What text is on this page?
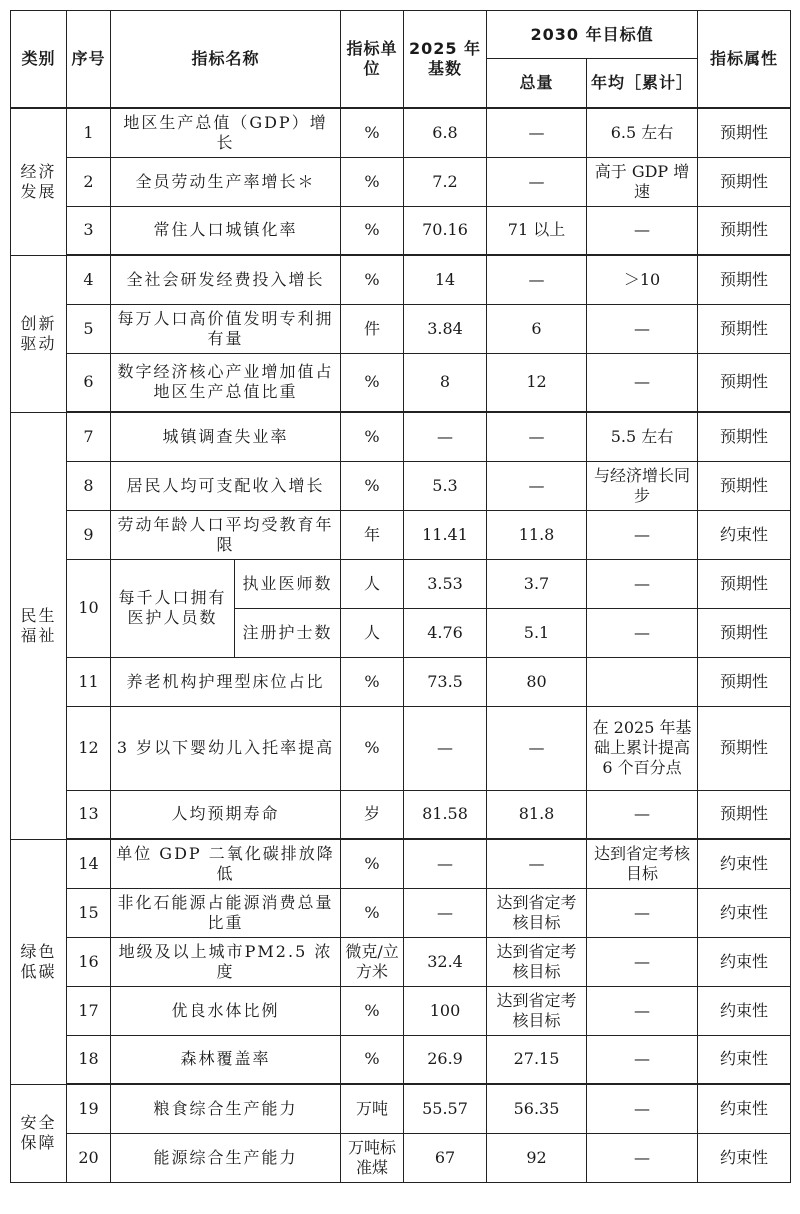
类别	序号	指标名称		指标单位	2025 年基数	2030 年目标值		指标属性
						总量	年均［累计］	
经济发展	1	地区生产总值（GDP）增长		%	6.8	—	6.5 左右	预期性
	2	全员劳动生产率增长＊		%	7.2	—	高于 GDP 增速	预期性
	3	常住人口城镇化率		%	70.16	71 以上	—	预期性
创新驱动	4	全社会研发经费投入增长		%	14	—	＞10	预期性
	5	每万人口高价值发明专利拥有量		件	3.84	6	—	预期性
	6	数字经济核心产业增加值占地区生产总值比重		%	8	12	—	预期性
民生福祉	7	城镇调查失业率		%	—	—	5.5 左右	预期性
	8	居民人均可支配收入增长		%	5.3	—	与经济增长同步	预期性
	9	劳动年龄人口平均受教育年限		年	11.41	11.8	—	约束性
	10	每千人口拥有医护人员数	执业医师数	人	3.53	3.7	—	预期性
			注册护士数	人	4.76	5.1	—	预期性
	11	养老机构护理型床位占比		%	73.5	80		预期性
	12	3 岁以下婴幼儿入托率提高		%	—	—	在 2025 年基础上累计提高 6 个百分点	预期性
	13	人均预期寿命		岁	81.58	81.8	—	预期性
绿色低碳	14	单位 GDP 二氧化碳排放降低		%	—	—	达到省定考核目标	约束性
	15	非化石能源占能源消费总量比重		%	—	达到省定考核目标	—	约束性
	16	地级及以上城市PM2.5 浓度		微克/立方米	32.4	达到省定考核目标	—	约束性
	17	优良水体比例		%	100	达到省定考核目标	—	约束性
	18	森林覆盖率		%	26.9	27.15	—	约束性
安全保障	19	粮食综合生产能力		万吨	55.57	56.35	—	约束性
	20	能源综合生产能力		万吨标准煤	67	92	—	约束性
